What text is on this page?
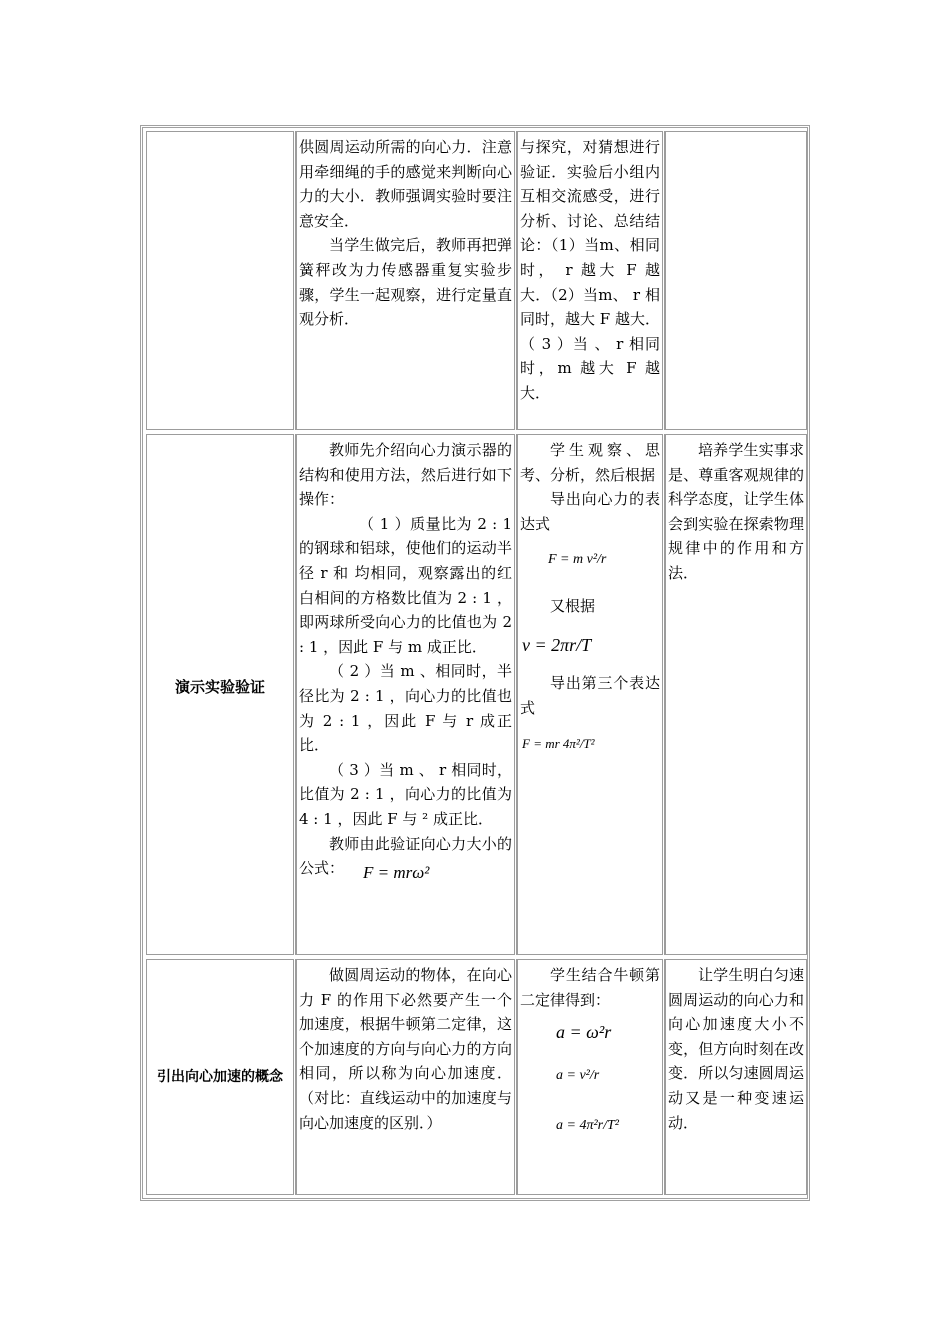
供圆周运动所需的向心力．注意用牵细绳的手的感觉来判断向心力的大小．教师强调实验时要注意安全．

当学生做完后，教师再把弹簧秤改为力传感器重复实验步骤，学生一起观察，进行定量直观分析．

与探究，对猜想进行验证．实验后小组内互相交流感受，进行分析、讨论、总结结论：（1）当m、相同时， r 越大 F 越大．（2）当m、 r 相同时，越大 F 越大．（ 3 ）当 、 r 相同时，m 越大 F 越大．

演示实验验证

教师先介绍向心力演示器的结构和使用方法，然后进行如下操作：

（ 1 ）质量比为 2 : 1 的钢球和铝球，使他们的运动半径 r 和 均相同，观察露出的红白相间的方格数比值为 2 : 1 ，即两球所受向心力的比值也为 2 : 1 ，因此 F 与 m 成正比．

（ 2 ）当 m 、相同时，半径比为 2 : 1 ，向心力的比值也为 2 : 1 ，因此 F 与 r 成正比．

（ 3 ）当 m 、 r 相同时， 比值为 2 : 1 ，向心力的比值为 4 : 1 ，因此 F 与 ² 成正比．

教师由此验证向心力大小的公式：	F = mrω²

学生观察、思考、分析，然后根据

导出向心力的表达式

F = m v²/r

又根据

v = 2πr/T

导出第三个表达式

F = mr 4π²/T²

培养学生实事求是、尊重客观规律的科学态度，让学生体会到实验在探索物理规律中的作用和方法．

引出向心加速的概念

做圆周运动的物体，在向心力 F 的作用下必然要产生一个加速度，根据牛顿第二定律，这个加速度的方向与向心力的方向相同，所以称为向心加速度．（对比：直线运动中的加速度与向心加速度的区别．）

学生结合牛顿第二定律得到：

a = ω²r
a = v²/r
a = 4π²r/T²

让学生明白匀速圆周运动的向心力和向心加速度大小不变，但方向时刻在改变．所以匀速圆周运动又是一种变速运动．
